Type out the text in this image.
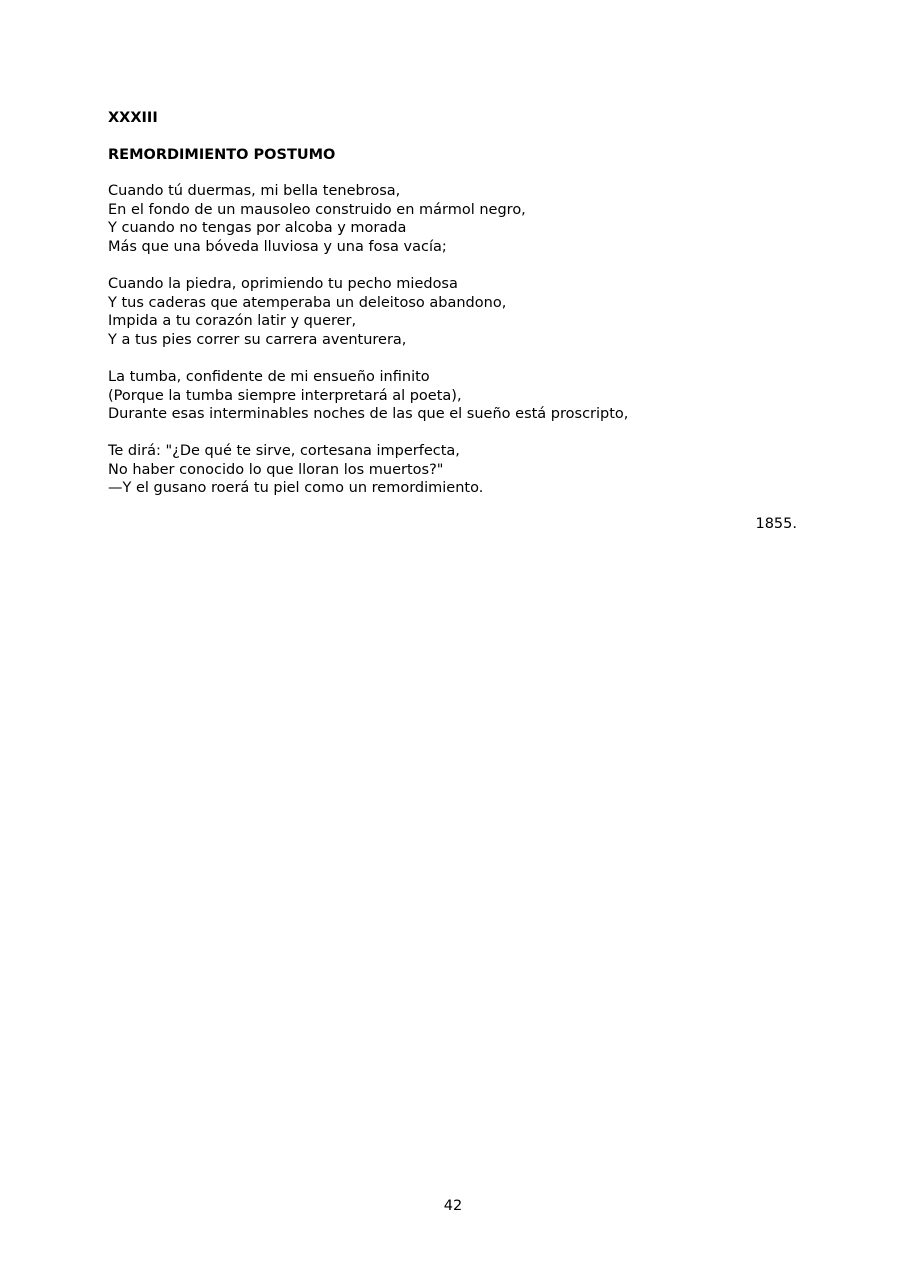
XXXIII
REMORDIMIENTO POSTUMO
Cuando tú duermas, mi bella tenebrosa,
En el fondo de un mausoleo construido en mármol negro,
Y cuando no tengas por alcoba y morada
Más que una bóveda lluviosa y una fosa vacía;
Cuando la piedra, oprimiendo tu pecho miedosa
Y tus caderas que atemperaba un deleitoso abandono,
Impida a tu corazón latir y querer,
Y a tus pies correr su carrera aventurera,
La tumba, confidente de mi ensueño infinito
(Porque la tumba siempre interpretará al poeta),
Durante esas interminables noches de las que el sueño está proscripto,
Te dirá: "¿De qué te sirve, cortesana imperfecta,
No haber conocido lo que lloran los muertos?"
—Y el gusano roerá tu piel como un remordimiento.
1855.
42
